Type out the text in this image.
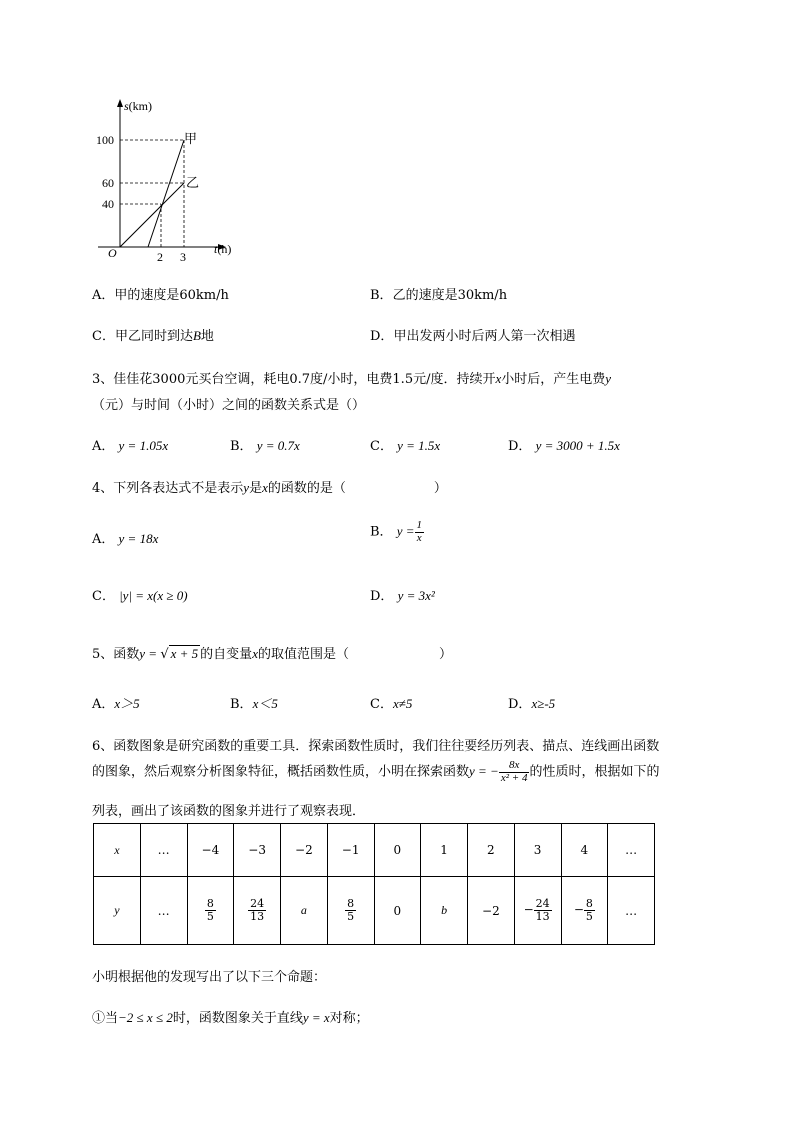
s(km)
t(h)
O
100
60
40
2 3
甲
乙
A．甲的速度是60km/h	B．乙的速度是30km/h
C．甲乙同时到达B地	D．甲出发两小时后两人第一次相遇
3、佳佳花3000元买台空调，耗电0.7度/小时，电费1.5元/度．持续开x小时后，产生电费y
（元）与时间（小时）之间的函数关系式是（）
A． y = 1.05x	B． y = 0.7x	C． y = 1.5x	D． y = 3000 + 1.5x
4、下列各表达式不是表示y是x的函数的是（	）
A． y = 18x	B． $y = \frac{1}{x}$
C． |y| = x(x ≥ 0)	D． y = 3x²
5、函数y = √ x + 5 的自变量x的取值范围是（	）
A．x＞5	B．x＜5	C．x≠5	D．x≥-5
6、函数图象是研究函数的重要工具．探索函数性质时，我们往往要经历列表、描点、连线画出函数
的图象，然后观察分析图象特征，概括函数性质，小明在探索函数y = − $\frac{8x}{\text{x² + 4}}$ 的性质时，根据如下的
列表，画出了该函数的图象并进行了观察表现．
x	…	−4	−3	−2	−1	0	1	2	3	4	…
y	…	$\frac{8}{5}$	$\frac{24}{13}$	a	$\frac{8}{5}$	0	b	−2	− $\frac{24}{13}$	− $\frac{8}{5}$	…
小明根据他的发现写出了以下三个命题：
①当−2 ≤ x ≤ 2时，函数图象关于直线y = x对称；
